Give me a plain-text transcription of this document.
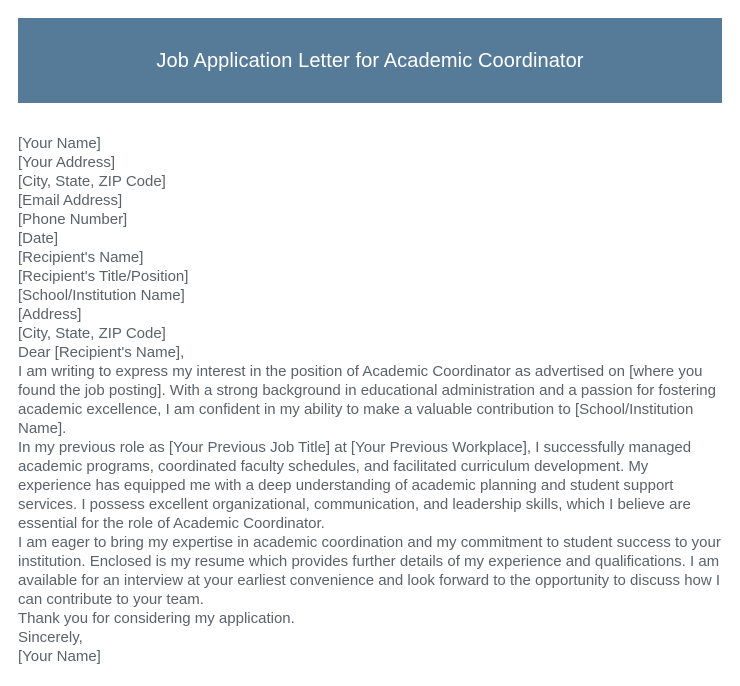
Job Application Letter for Academic Coordinator

[Your Name]

[Your Address]

[City, State, ZIP Code]

[Email Address]

[Phone Number]

[Date]

[Recipient's Name]

[Recipient's Title/Position]

[School/Institution Name]

[Address]

[City, State, ZIP Code]

Dear [Recipient's Name],

I am writing to express my interest in the position of Academic Coordinator as advertised on [where you found the job posting]. With a strong background in educational administration and a passion for fostering academic excellence, I am confident in my ability to make a valuable contribution to [School/Institution Name].

In my previous role as [Your Previous Job Title] at [Your Previous Workplace], I successfully managed academic programs, coordinated faculty schedules, and facilitated curriculum development. My experience has equipped me with a deep understanding of academic planning and student support services. I possess excellent organizational, communication, and leadership skills, which I believe are essential for the role of Academic Coordinator.

I am eager to bring my expertise in academic coordination and my commitment to student success to your institution. Enclosed is my resume which provides further details of my experience and qualifications. I am available for an interview at your earliest convenience and look forward to the opportunity to discuss how I can contribute to your team.

Thank you for considering my application.

Sincerely,

[Your Name]
